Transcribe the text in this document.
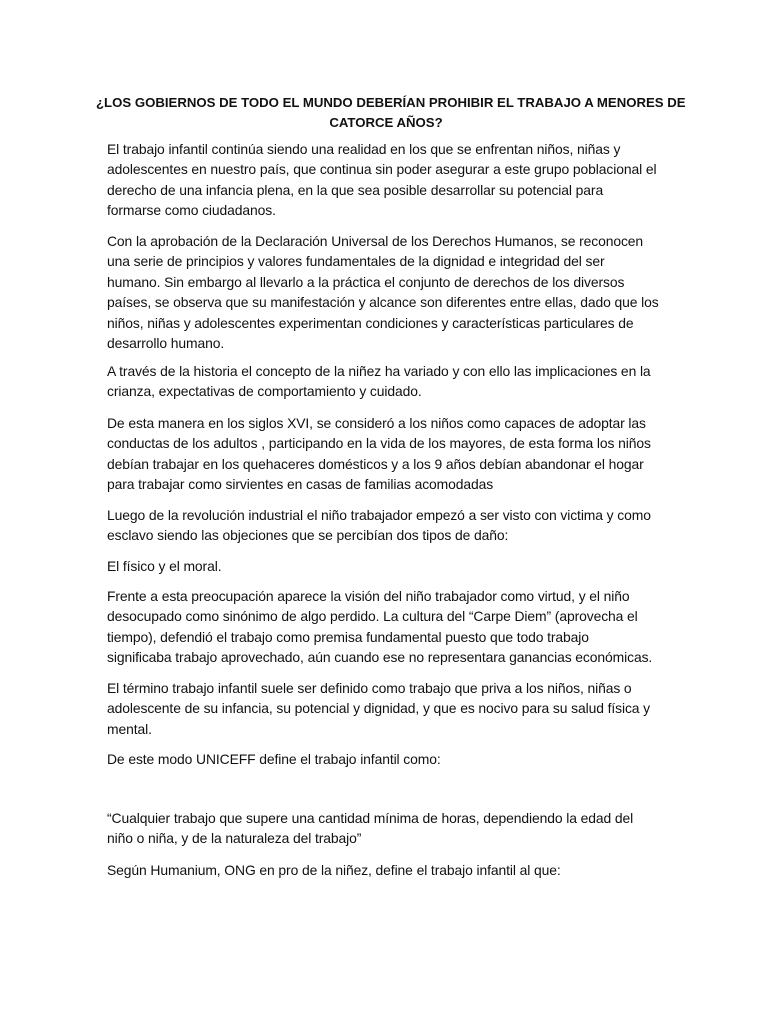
¿LOS GOBIERNOS DE TODO EL MUNDO DEBERÍAN PROHIBIR EL TRABAJO A MENORES DE
CATORCE AÑOS?

El trabajo infantil continúa siendo una realidad en los que se enfrentan niños, niñas y
adolescentes en nuestro país, que continua sin poder asegurar a este grupo poblacional el
derecho de una infancia plena, en la que sea posible desarrollar su potencial para
formarse como ciudadanos.

Con la aprobación de la Declaración Universal de los Derechos Humanos, se reconocen
una serie de principios y valores fundamentales de la dignidad e integridad del ser
humano. Sin embargo al llevarlo a la práctica el conjunto de derechos de los diversos
países, se observa que su manifestación y alcance son diferentes entre ellas, dado que los
niños, niñas y adolescentes experimentan condiciones y características particulares de
desarrollo humano.

A través de la historia el concepto de la niñez ha variado y con ello las implicaciones en la
crianza, expectativas de comportamiento y cuidado.

De esta manera en los siglos XVI, se consideró a los niños como capaces de adoptar las
conductas de los adultos , participando en la vida de los mayores, de esta forma los niños
debían trabajar en los quehaceres domésticos y a los 9 años debían abandonar el hogar
para trabajar como sirvientes en casas de familias acomodadas

Luego de la revolución industrial el niño trabajador empezó a ser visto con victima y como
esclavo siendo las objeciones que se percibían dos tipos de daño:

El físico y el moral.

Frente a esta preocupación aparece la visión del niño trabajador como virtud, y el niño
desocupado como sinónimo de algo perdido. La cultura del “Carpe Diem” (aprovecha el
tiempo), defendió el trabajo como premisa fundamental puesto que todo trabajo
significaba trabajo aprovechado, aún cuando ese no representara ganancias económicas.

El término trabajo infantil suele ser definido como trabajo que priva a los niños, niñas o
adolescente de su infancia, su potencial y dignidad, y que es nocivo para su salud física y
mental.

De este modo UNICEFF define el trabajo infantil como:

“Cualquier trabajo que supere una cantidad mínima de horas, dependiendo la edad del
niño o niña, y de la naturaleza del trabajo”

Según Humanium, ONG en pro de la niñez, define el trabajo infantil al que:
